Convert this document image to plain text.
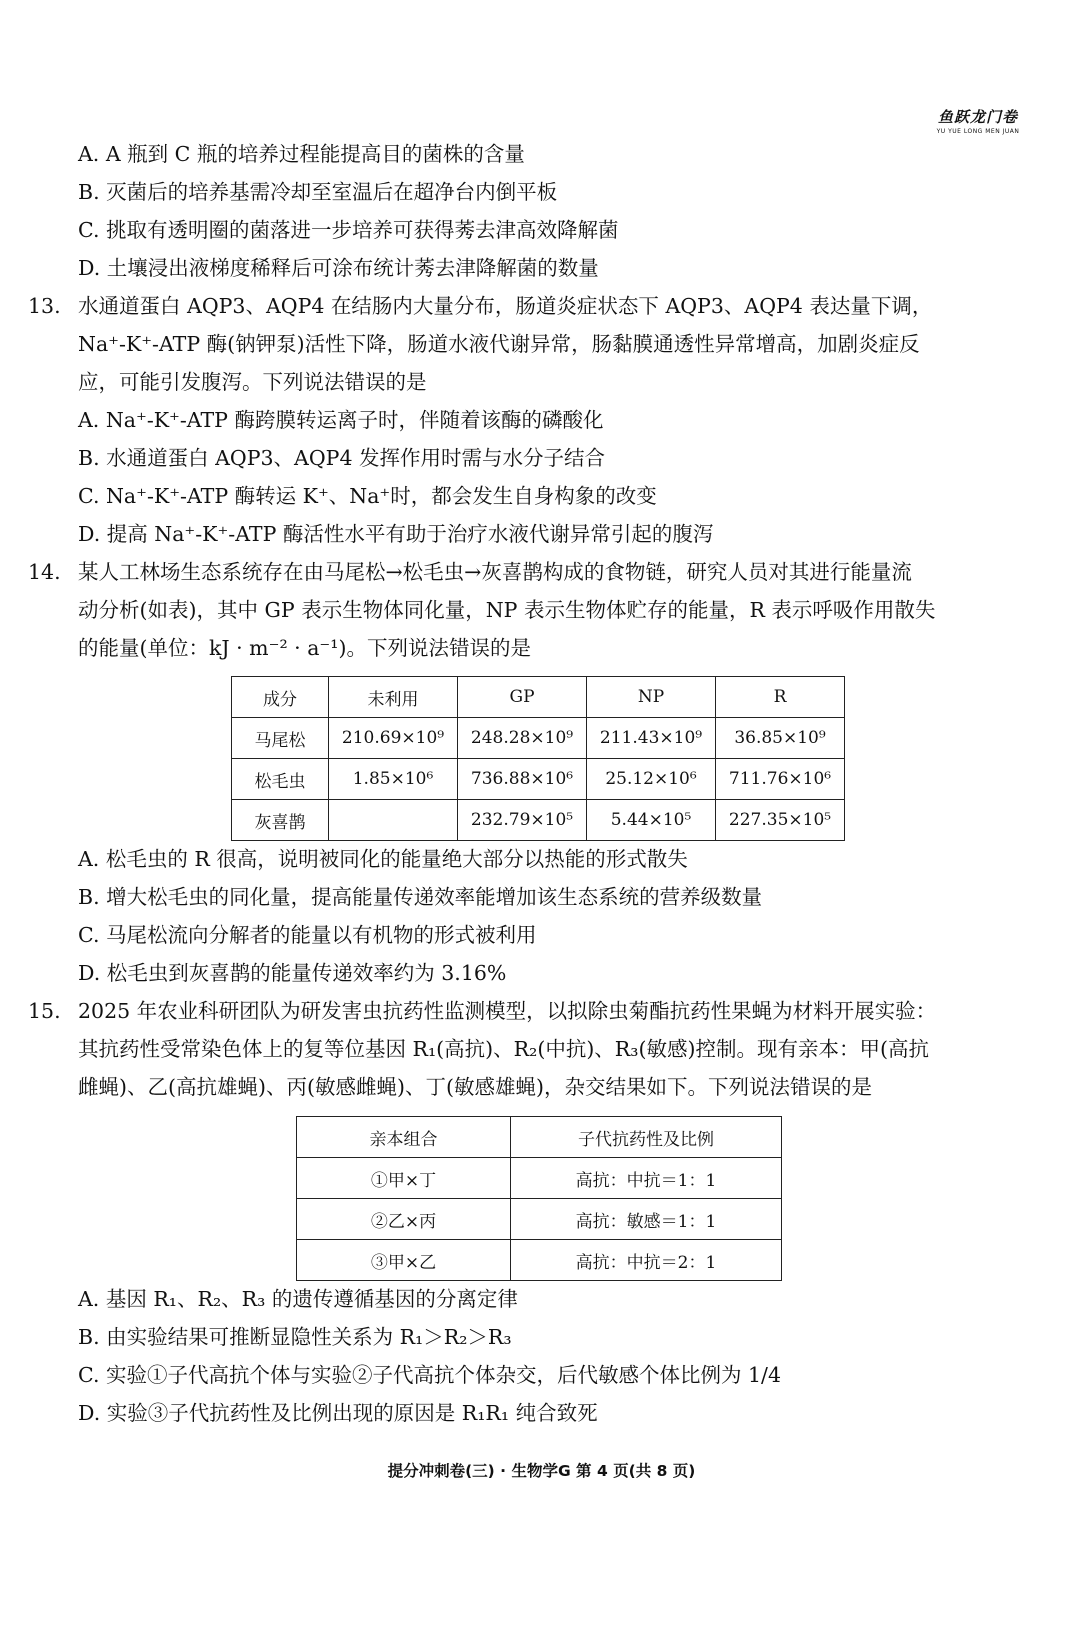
鱼跃龙门卷
YU YUE LONG MEN JUAN
A. A 瓶到 C 瓶的培养过程能提高目的菌株的含量
B. 灭菌后的培养基需冷却至室温后在超净台内倒平板
C. 挑取有透明圈的菌落进一步培养可获得莠去津高效降解菌
D. 土壤浸出液梯度稀释后可涂布统计莠去津降解菌的数量
13. 水通道蛋白 AQP3、AQP4 在结肠内大量分布，肠道炎症状态下 AQP3、AQP4 表达量下调，
Na⁺-K⁺-ATP 酶(钠钾泵)活性下降，肠道水液代谢异常，肠黏膜通透性异常增高，加剧炎症反
应，可能引发腹泻。下列说法错误的是
A. Na⁺-K⁺-ATP 酶跨膜转运离子时，伴随着该酶的磷酸化
B. 水通道蛋白 AQP3、AQP4 发挥作用时需与水分子结合
C. Na⁺-K⁺-ATP 酶转运 K⁺、Na⁺时，都会发生自身构象的改变
D. 提高 Na⁺-K⁺-ATP 酶活性水平有助于治疗水液代谢异常引起的腹泻
14. 某人工林场生态系统存在由马尾松→松毛虫→灰喜鹊构成的食物链，研究人员对其进行能量流
动分析(如表)，其中 GP 表示生物体同化量，NP 表示生物体贮存的能量，R 表示呼吸作用散失
的能量(单位：kJ · m⁻² · a⁻¹)。下列说法错误的是
成分	未利用	GP	NP	R
马尾松	210.69×10⁹	248.28×10⁹	211.43×10⁹	36.85×10⁹
松毛虫	1.85×10⁶	736.88×10⁶	25.12×10⁶	711.76×10⁶
灰喜鹊		232.79×10⁵	5.44×10⁵	227.35×10⁵
A. 松毛虫的 R 很高，说明被同化的能量绝大部分以热能的形式散失
B. 增大松毛虫的同化量，提高能量传递效率能增加该生态系统的营养级数量
C. 马尾松流向分解者的能量以有机物的形式被利用
D. 松毛虫到灰喜鹊的能量传递效率约为 3.16%
15. 2025 年农业科研团队为研发害虫抗药性监测模型，以拟除虫菊酯抗药性果蝇为材料开展实验：
其抗药性受常染色体上的复等位基因 R₁(高抗)、R₂(中抗)、R₃(敏感)控制。现有亲本：甲(高抗
雌蝇)、乙(高抗雄蝇)、丙(敏感雌蝇)、丁(敏感雄蝇)，杂交结果如下。下列说法错误的是
亲本组合	子代抗药性及比例
①甲×丁	高抗：中抗＝1：1
②乙×丙	高抗：敏感＝1：1
③甲×乙	高抗：中抗＝2：1
A. 基因 R₁、R₂、R₃ 的遗传遵循基因的分离定律
B. 由实验结果可推断显隐性关系为 R₁＞R₂＞R₃
C. 实验①子代高抗个体与实验②子代高抗个体杂交，后代敏感个体比例为 1/4
D. 实验③子代抗药性及比例出现的原因是 R₁R₁ 纯合致死
提分冲刺卷(三) · 生物学G 第 4 页(共 8 页)
